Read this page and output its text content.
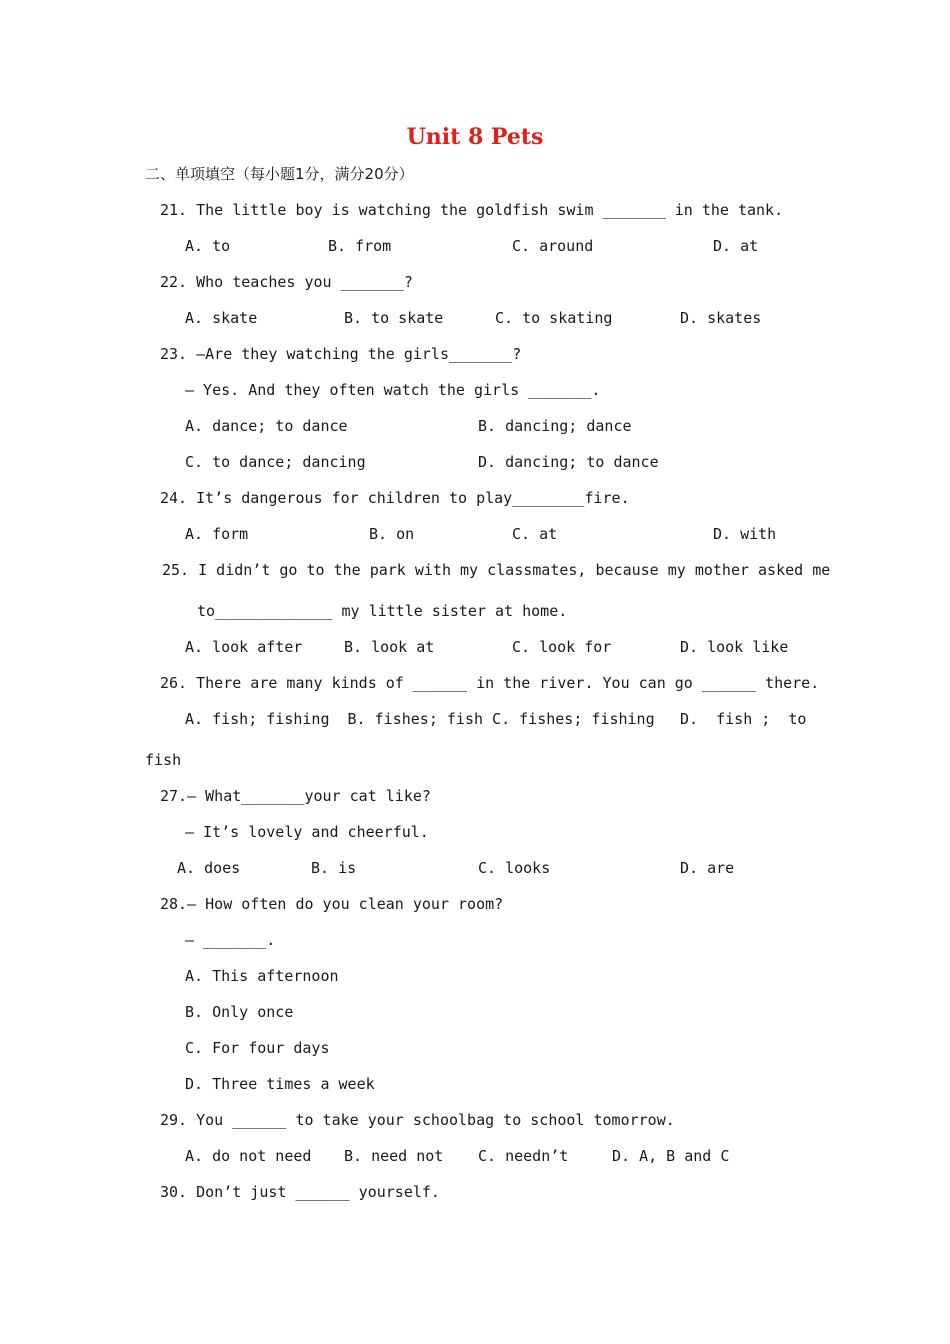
Unit 8 Pets
二、单项填空（每小题1分，满分20分）
21. The little boy is watching the goldfish swim _______ in the tank.
A. to	B. from	C. around	D. at
22. Who teaches you _______?
A. skate	B. to skate	C. to skating	D. skates
23. —Are they watching the girls_______?
— Yes. And they often watch the girls _______.
A. dance; to dance	B. dancing; dance
C. to dance; dancing	D. dancing; to dance
24. It’s dangerous for children to play________fire.
A. form	B. on	C. at	D. with
25. I didn’t go to the park with my classmates, because my mother asked me
to_____________ my little sister at home.
A. look after	B. look at	C. look for	D. look like
26. There are many kinds of ______ in the river. You can go ______ there.
A. fish; fishing  B. fishes; fish C. fishes; fishing D.  fish ;  to
fish
27.— What_______your cat like?
— It’s lovely and cheerful.
A. does	B. is	C. looks	D. are
28.— How often do you clean your room?
— _______.
A. This afternoon
B. Only once
C. For four days
D. Three times a week
29. You ______ to take your schoolbag to school tomorrow.
A. do not need B. need not C. needn’t	D. A, B and C
30. Don’t just ______ yourself.
